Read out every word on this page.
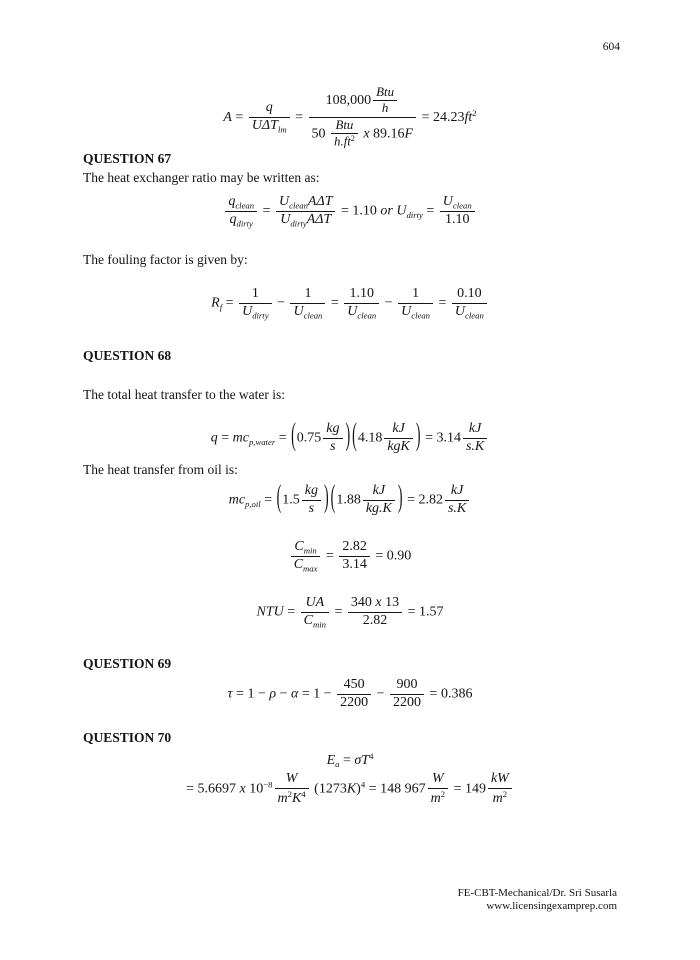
604
$A = \frac{q}{U\Delta T_{lm}} = \frac{108,000 \frac{\text{Btu}}{h}}{50 \frac{\text{Btu}}{h.ft^2} x 89.16F} = 24.23ft^2$
QUESTION 67

The heat exchanger ratio may be written as:

$\frac{q_{clean}}{q_{dirty}} = \frac{U_{clean}A\Delta T}{U_{dirty}A\Delta T} = 1.10$ or $U_{dirty} = \frac{U_{clean}}{1.10}$

The fouling factor is given by:

$R_f = \frac{1}{U_{dirty}} - \frac{1}{U_{clean}} = \frac{1.10}{U_{clean}} - \frac{1}{U_{clean}} = \frac{0.10}{U_{clean}}$
QUESTION 68

The total heat transfer to the water is:

$q = mc_{p,water} = (0.75 \frac{kg}{s}$ ) ($4.18 \frac{kJ}{\text{kgK}}$ ) = $3.14 \frac{kJ}{s.K}$

The heat transfer from oil is:

$mc_{p,oil} = (1.5 \frac{kg}{s}$ ) ($1.88 \frac{kJ}{kg.K}$ ) = $2.82 \frac{kJ}{s.K}$
$\frac{C_{min}}{C_{max}} = \frac{2.82}{3.14} = 0.90$
NTU = $\frac{UA}{C_{min}} = \frac{340 x 13}{2.82} = 1.57$
QUESTION 69
$\tau = 1 - \rho - \alpha = 1 - \frac{450}{2200} - \frac{900}{2200} = 0.386$
QUESTION 70
$E_a = \sigma T^4$
= 5.6697 x $10^{-8} \frac{W}{m^2K^4} (1273K)^4 = 148$ $967 \frac{W}{m^2} = 149 \frac{kW}{m^2}$
FE-CBT-Mechanical/Dr. Sri Susarla
www.licensingexamprep.com
